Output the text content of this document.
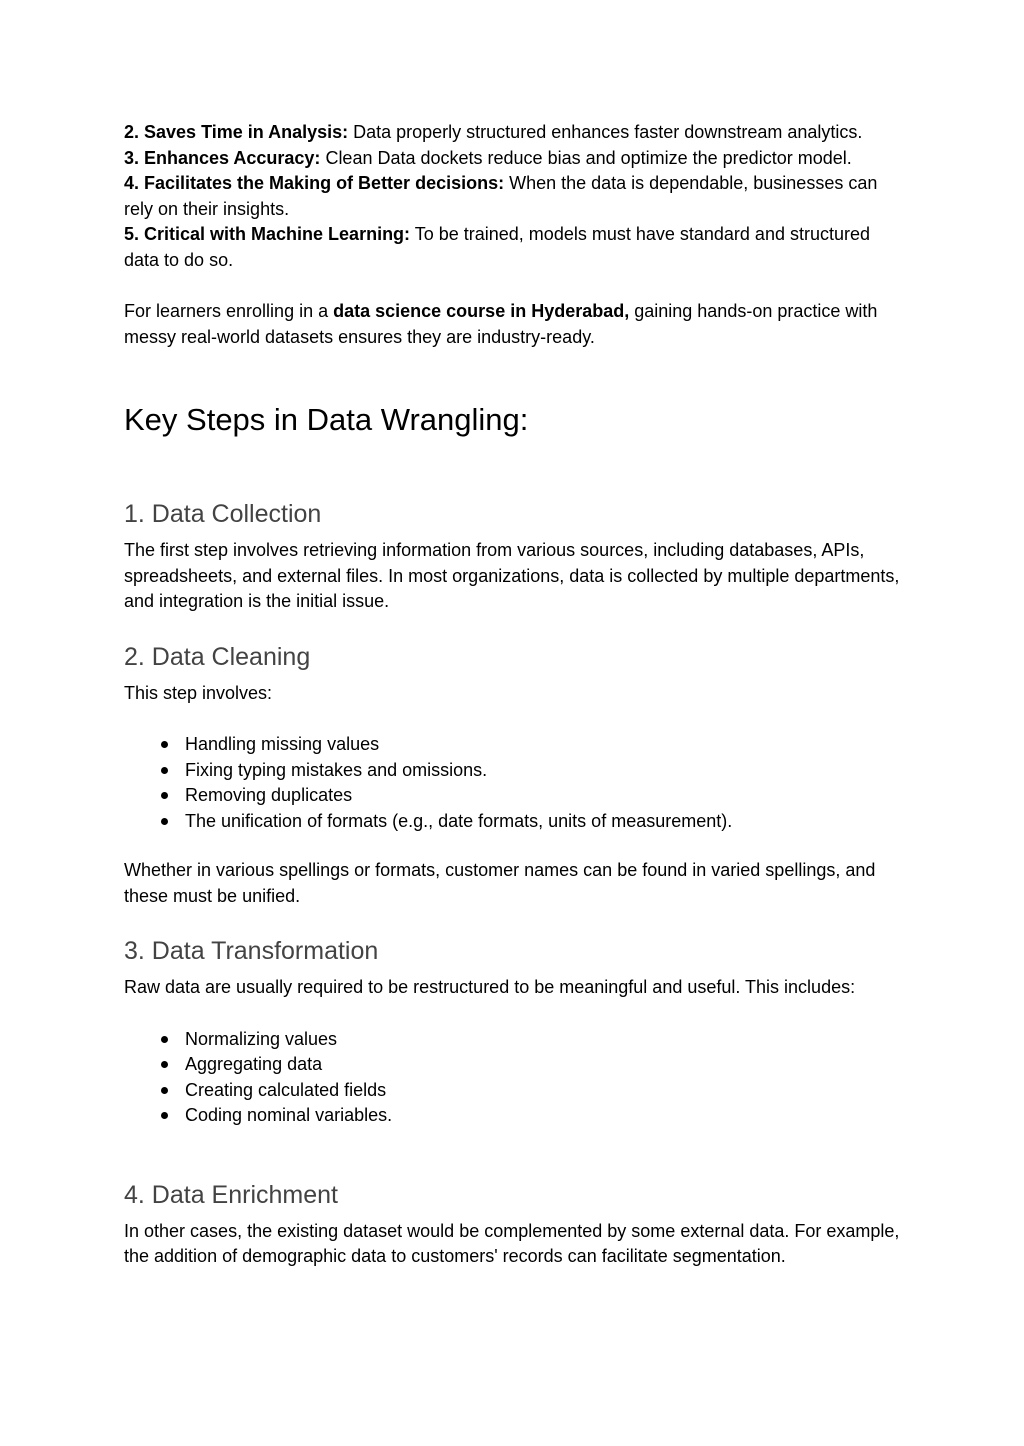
2. Saves Time in Analysis: Data properly structured enhances faster downstream analytics.
3. Enhances Accuracy: Clean Data dockets reduce bias and optimize the predictor model.
4. Facilitates the Making of Better decisions: When the data is dependable, businesses can rely on their insights.
5. Critical with Machine Learning: To be trained, models must have standard and structured data to do so.

For learners enrolling in a data science course in Hyderabad, gaining hands-on practice with messy real-world datasets ensures they are industry-ready.

Key Steps in Data Wrangling:
1. Data Collection

The first step involves retrieving information from various sources, including databases, APIs, spreadsheets, and external files. In most organizations, data is collected by multiple departments, and integration is the initial issue.

2. Data Cleaning

This step involves:

Handling missing values
Fixing typing mistakes and omissions.
Removing duplicates
The unification of formats (e.g., date formats, units of measurement).

Whether in various spellings or formats, customer names can be found in varied spellings, and these must be unified.

3. Data Transformation

Raw data are usually required to be restructured to be meaningful and useful. This includes:

Normalizing values
Aggregating data
Creating calculated fields
Coding nominal variables.
4. Data Enrichment

In other cases, the existing dataset would be complemented by some external data. For example, the addition of demographic data to customers' records can facilitate segmentation.
